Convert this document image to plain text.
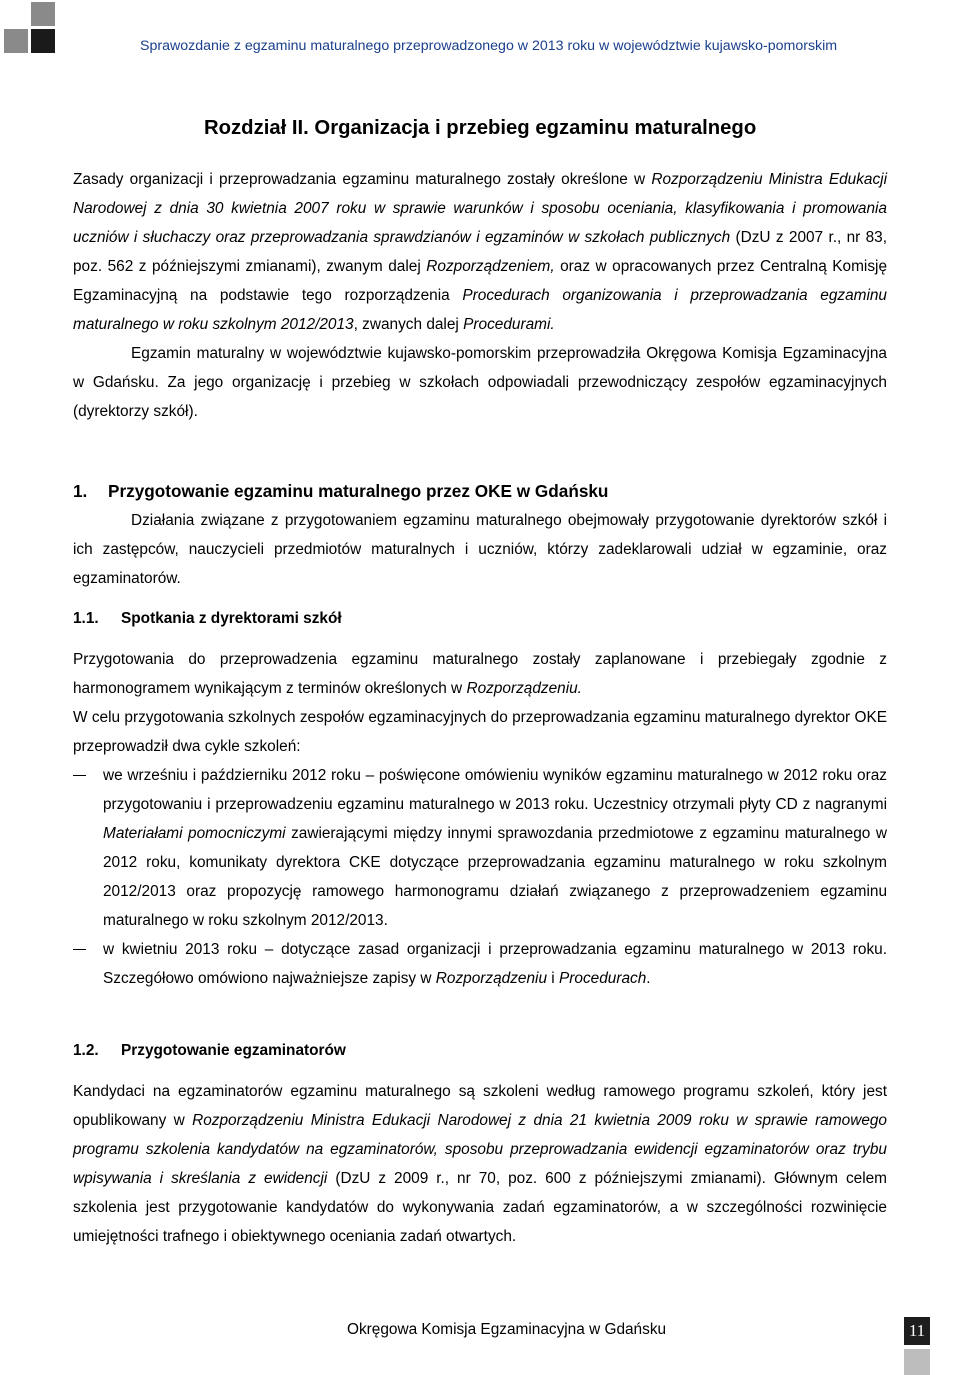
Sprawozdanie z egzaminu maturalnego przeprowadzonego w 2013 roku w województwie kujawsko-pomorskim
Rozdział II. Organizacja i przebieg egzaminu maturalnego

Zasady organizacji i przeprowadzania egzaminu maturalnego zostały określone w Rozporządzeniu Ministra Edukacji Narodowej z dnia 30 kwietnia 2007 roku w sprawie warunków i sposobu oceniania, klasyfikowania i promowania uczniów i słuchaczy oraz przeprowadzania sprawdzianów i egzaminów w szkołach publicznych (DzU z 2007 r., nr 83, poz. 562 z późniejszymi zmianami), zwanym dalej Rozporządzeniem, oraz w opracowanych przez Centralną Komisję Egzaminacyjną na podstawie tego rozporządzenia Procedurach organizowania i przeprowadzania egzaminu maturalnego w roku szkolnym 2012/2013, zwanych dalej Procedurami.

Egzamin maturalny w województwie kujawsko-pomorskim przeprowadziła Okręgowa Komisja Egzaminacyjna w Gdańsku. Za jego organizację i przebieg w szkołach odpowiadali przewodniczący zespołów egzaminacyjnych (dyrektorzy szkół).

1. Przygotowanie egzaminu maturalnego przez OKE w Gdańsku

Działania związane z przygotowaniem egzaminu maturalnego obejmowały przygotowanie dyrektorów szkół i ich zastępców, nauczycieli przedmiotów maturalnych i uczniów, którzy zadeklarowali udział w egzaminie, oraz egzaminatorów.

1.1. Spotkania z dyrektorami szkół

Przygotowania do przeprowadzenia egzaminu maturalnego zostały zaplanowane i przebiegały zgodnie z harmonogramem wynikającym z terminów określonych w Rozporządzeniu.

W celu przygotowania szkolnych zespołów egzaminacyjnych do przeprowadzania egzaminu maturalnego dyrektor OKE przeprowadził dwa cykle szkoleń:

we wrześniu i październiku 2012 roku – poświęcone omówieniu wyników egzaminu maturalnego w 2012 roku oraz przygotowaniu i przeprowadzeniu egzaminu maturalnego w 2013 roku. Uczestnicy otrzymali płyty CD z nagranymi Materiałami pomocniczymi zawierającymi między innymi sprawozdania przedmiotowe z egzaminu maturalnego w 2012 roku, komunikaty dyrektora CKE dotyczące przeprowadzania egzaminu maturalnego w roku szkolnym 2012/2013 oraz propozycję ramowego harmonogramu działań związanego z przeprowadzeniem egzaminu maturalnego w roku szkolnym 2012/2013.
w kwietniu 2013 roku – dotyczące zasad organizacji i przeprowadzania egzaminu maturalnego w 2013 roku. Szczegółowo omówiono najważniejsze zapisy w Rozporządzeniu i Procedurach.
1.2. Przygotowanie egzaminatorów

Kandydaci na egzaminatorów egzaminu maturalnego są szkoleni według ramowego programu szkoleń, który jest opublikowany w Rozporządzeniu Ministra Edukacji Narodowej z dnia 21 kwietnia 2009 roku w sprawie ramowego programu szkolenia kandydatów na egzaminatorów, sposobu przeprowadzania ewidencji egzaminatorów oraz trybu wpisywania i skreślania z ewidencji (DzU z 2009 r., nr 70, poz. 600 z późniejszymi zmianami). Głównym celem szkolenia jest przygotowanie kandydatów do wykonywania zadań egzaminatorów, a w szczególności rozwinięcie umiejętności trafnego i obiektywnego oceniania zadań otwartych.

Okręgowa Komisja Egzaminacyjna w Gdańsku	11
